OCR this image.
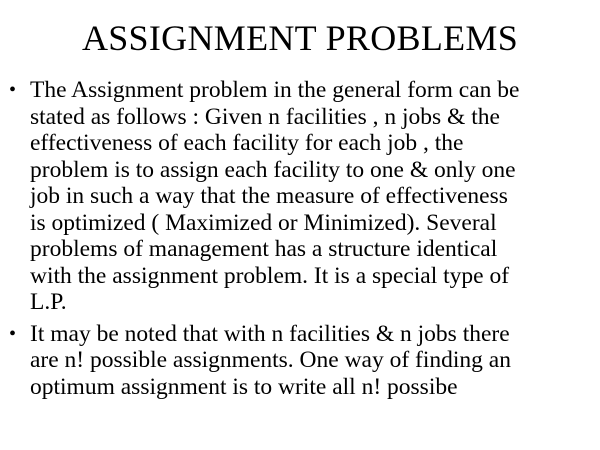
ASSIGNMENT PROBLEMS
• The Assignment problem in the general form can be
stated as follows : Given n facilities , n jobs & the
effectiveness of each facility for each job , the
problem is to assign each facility to one & only one
job in such a way that the measure of effectiveness
is optimized ( Maximized or Minimized). Several
problems of management has a structure identical
with the assignment problem. It is a special type of
L.P.
• It may be noted that with n facilities & n jobs there
are n! possible assignments. One way of finding an
optimum assignment is to write all n! possibe
